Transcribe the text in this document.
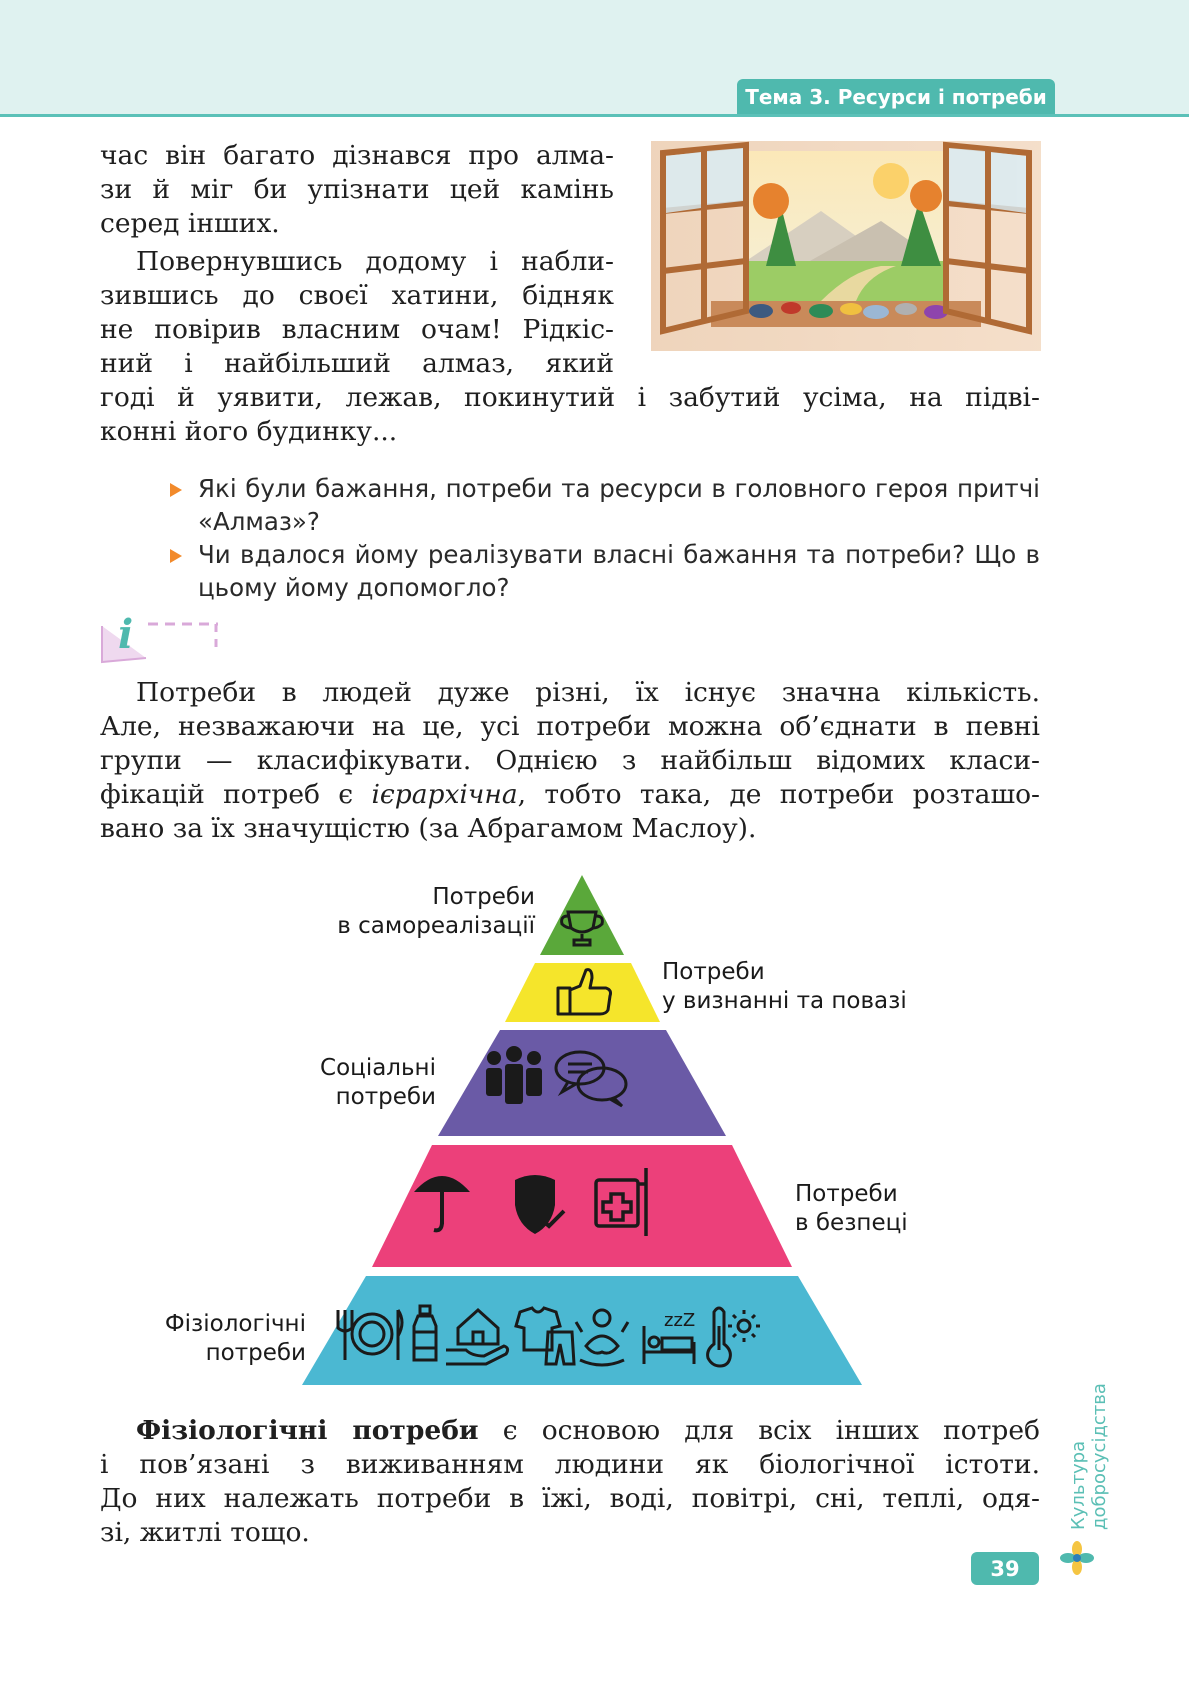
Тема 3. Ресурси і потреби
час він багато дізнався про алма-
зи й міг би упізнати цей камінь
серед інших.
Повернувшись додому і набли-
зившись до своєї хатини, бідняк
не повірив власним очам! Рідкіс-
ний і найбільший алмаз, який
годі й уявити, лежав, покинутий і забутий усіма, на підві-
конні його будинку...
Які були бажання, потреби та ресурси в головного героя притчі «Алмаз»?
Чи вдалося йому реалізувати власні бажання та потреби? Що в цьому йому допомогло?
i
Потреби в людей дуже різні, їх існує значна кількість.
Але, незважаючи на це, усі потреби можна об’єднати в певні
групи — класифікувати. Однією з найбільш відомих класи-
фікацій потреб є ієрархічна, тобто така, де потреби розташо-
вано за їх значущістю (за Абрагамом Маслоу).
zzZ
Потреби
в самореалізації
Потреби
у визнанні та повазі
Соціальні
потреби
Потреби
в безпеці
Фізіологічні
потреби
Фізіологічні потреби є основою для всіх інших потреб
і пов’язані з виживанням людини як біологічної істоти.
До них належать потреби в їжі, воді, повітрі, сні, теплі, одя-
зі, житлі тощо.
Культура добросусідства
39
